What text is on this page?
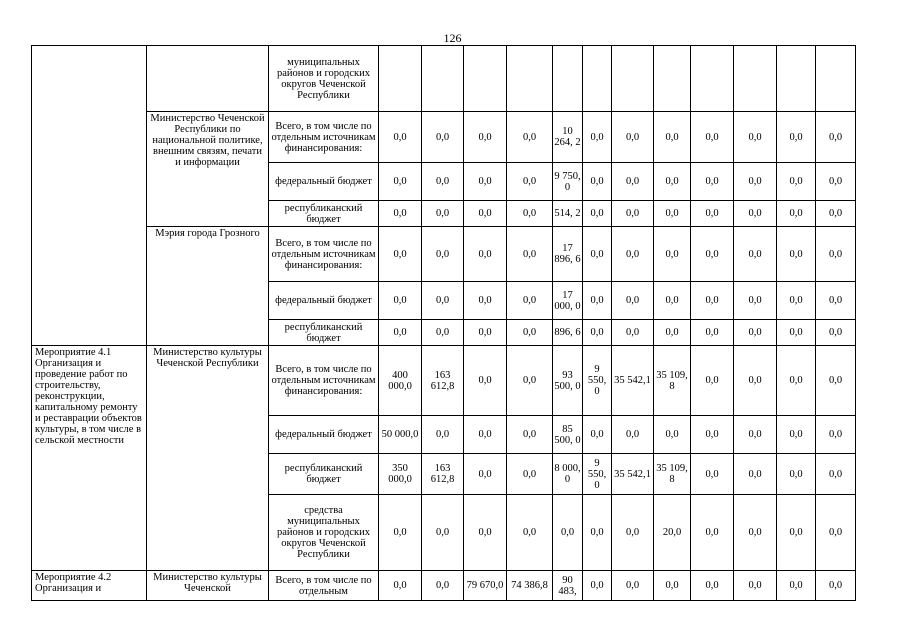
126
		муниципальных районов и городских округов Чеченской Республики												
	Министерство Чеченской Республики по национальной политике, внешним связям, печати и информации	Всего, в том числе по отдельным источникам финансирования:	0,0	0,0	0,0	0,0	10 264, 2	0,0	0,0	0,0	0,0	0,0	0,0	0,0
		федеральный бюджет	0,0	0,0	0,0	0,0	9 750, 0	0,0	0,0	0,0	0,0	0,0	0,0	0,0
		республиканский бюджет	0,0	0,0	0,0	0,0	514, 2	0,0	0,0	0,0	0,0	0,0	0,0	0,0
	Мэрия города Грозного	Всего, в том числе по отдельным источникам финансирования:	0,0	0,0	0,0	0,0	17 896, 6	0,0	0,0	0,0	0,0	0,0	0,0	0,0
		федеральный бюджет	0,0	0,0	0,0	0,0	17 000, 0	0,0	0,0	0,0	0,0	0,0	0,0	0,0
		республиканский бюджет	0,0	0,0	0,0	0,0	896, 6	0,0	0,0	0,0	0,0	0,0	0,0	0,0
Мероприятие 4.1 Организация и проведение работ по строительству, реконструкции, капитальному ремонту и реставрации объектов культуры, в том числе в сельской местности	Министерство культуры Чеченской Республики	Всего, в том числе по отдельным источникам финансирования:	400 000,0	163 612,8	0,0	0,0	93 500, 0	9 550, 0	35 542,1	35 109, 8	0,0	0,0	0,0	0,0
		федеральный бюджет	50 000,0	0,0	0,0	0,0	85 500, 0	0,0	0,0	0,0	0,0	0,0	0,0	0,0
		республиканский бюджет	350 000,0	163 612,8	0,0	0,0	8 000, 0	9 550, 0	35 542,1	35 109, 8	0,0	0,0	0,0	0,0
		средства муниципальных районов и городских округов Чеченской Республики	0,0	0,0	0,0	0,0	0,0	0,0	0,0	20,0	0,0	0,0	0,0	0,0
Мероприятие 4.2 Организация и	Министерство культуры Чеченской	Всего, в том числе по отдельным	0,0	0,0	79 670,0	74 386,8	90 483,	0,0	0,0	0,0	0,0	0,0	0,0	0,0
